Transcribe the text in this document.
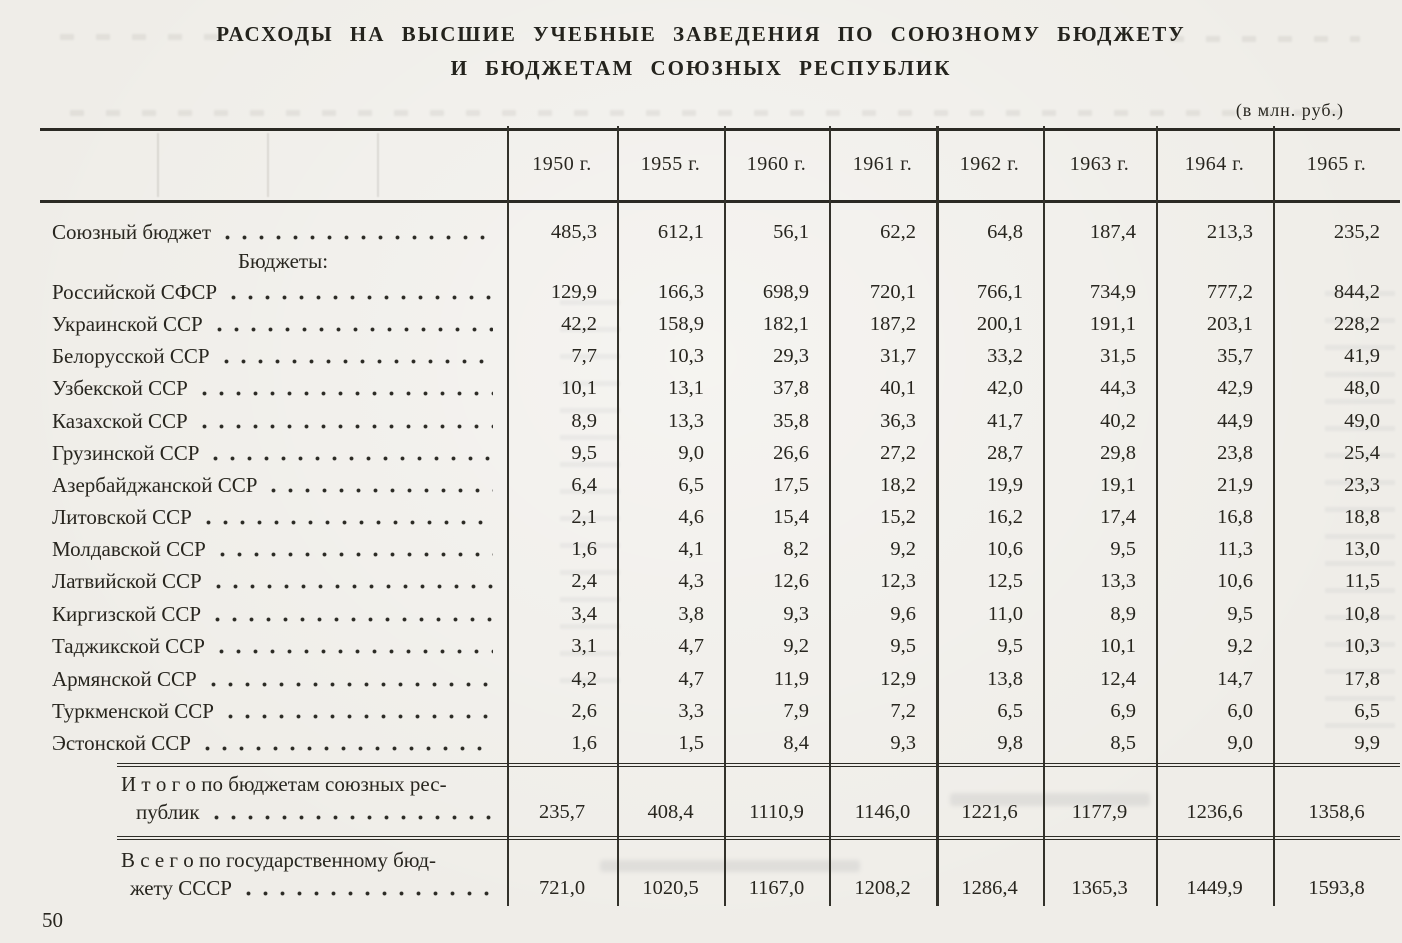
РАСХОДЫ НА ВЫСШИЕ УЧЕБНЫЕ ЗАВЕДЕНИЯ ПО СОЮЗНОМУ БЮДЖЕТУ
И БЮДЖЕТАМ СОЮЗНЫХ РЕСПУБЛИК
(в млн. руб.)
Бюджеты:
50
1950 г.	1955 г.	1960 г.	1961 г.	1962 г.	1963 г.	1964 г.	1965 г.
Союзный бюджет	485,3	612,1	56,1	62,2	64,8	187,4	213,3	235,2
Российской СФСР	129,9	166,3	698,9	720,1	766,1	734,9	777,2	844,2
Украинской ССР	42,2	158,9	182,1	187,2	200,1	191,1	203,1	228,2
Белорусской ССР	7,7	10,3	29,3	31,7	33,2	31,5	35,7	41,9
Узбекской ССР	10,1	13,1	37,8	40,1	42,0	44,3	42,9	48,0
Казахской ССР	8,9	13,3	35,8	36,3	41,7	40,2	44,9	49,0
Грузинской ССР	9,5	9,0	26,6	27,2	28,7	29,8	23,8	25,4
Азербайджанской ССР	6,4	6,5	17,5	18,2	19,9	19,1	21,9	23,3
Литовской ССР	2,1	4,6	15,4	15,2	16,2	17,4	16,8	18,8
Молдавской ССР	1,6	4,1	8,2	9,2	10,6	9,5	11,3	13,0
Латвийской ССР	2,4	4,3	12,6	12,3	12,5	13,3	10,6	11,5
Киргизской ССР	3,4	3,8	9,3	9,6	11,0	8,9	9,5	10,8
Таджикской ССР	3,1	4,7	9,2	9,5	9,5	10,1	9,2	10,3
Армянской ССР	4,2	4,7	11,9	12,9	13,8	12,4	14,7	17,8
Туркменской ССР	2,6	3,3	7,9	7,2	6,5	6,9	6,0	6,5
Эстонской ССР	1,6	1,5	8,4	9,3	9,8	8,5	9,0	9,9
И т о г о по бюджетам союзных рес-
публик	235,7	408,4	1110,9	1146,0	1221,6	1177,9	1236,6	1358,6
В с е г о по государственному бюд-
жету СССР	721,0	1020,5	1167,0	1208,2	1286,4	1365,3	1449,9	1593,8
